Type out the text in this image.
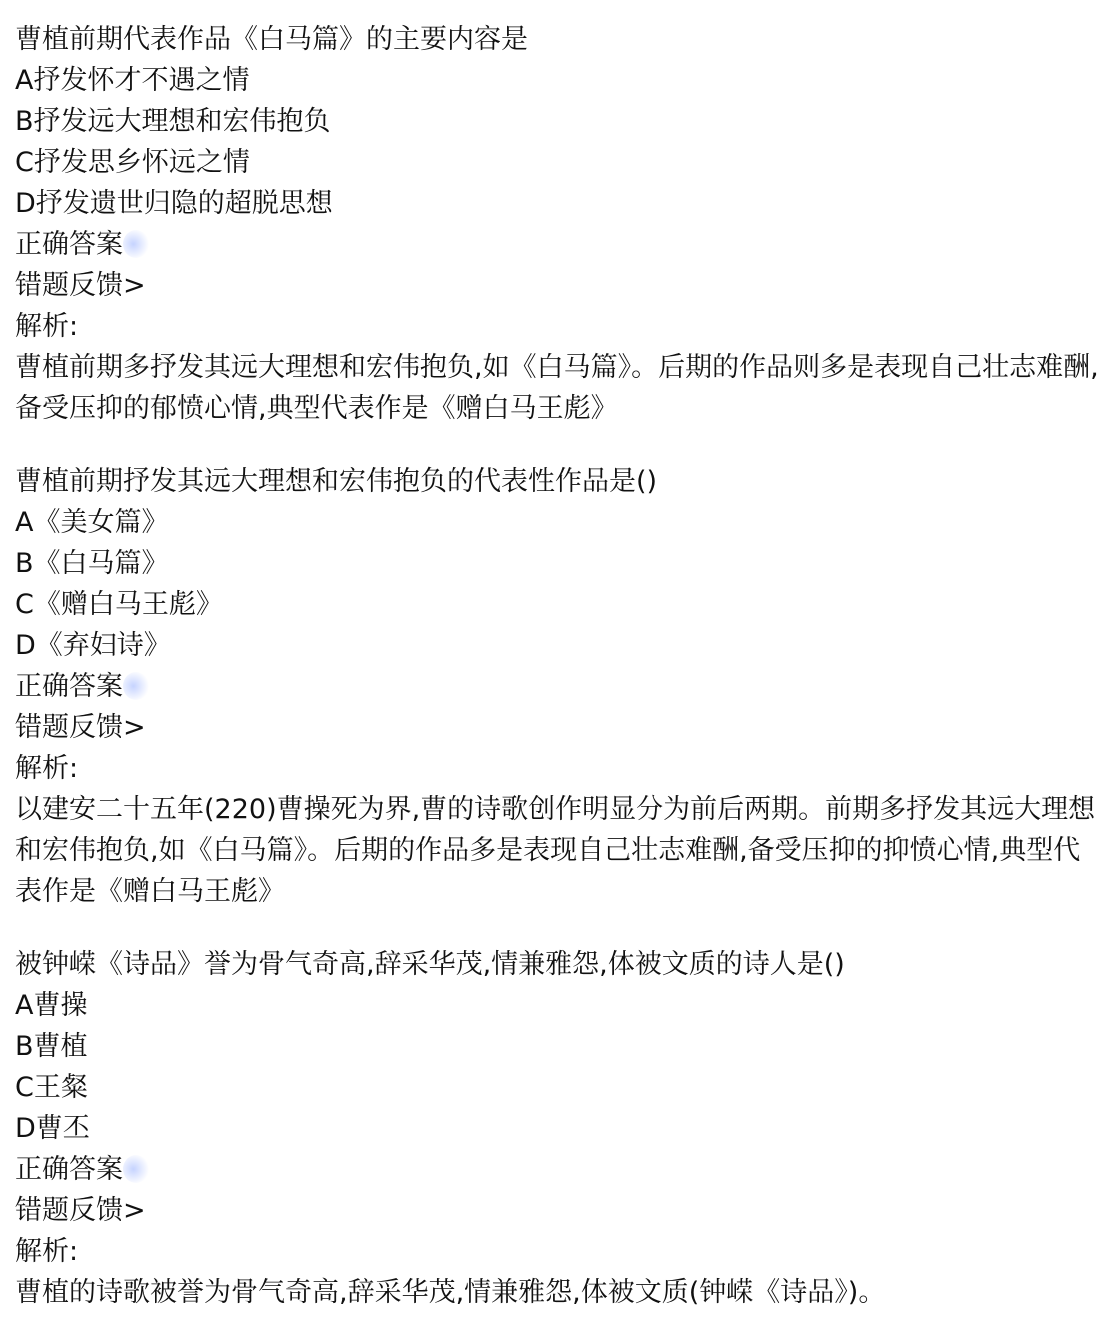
曹植前期代表作品《白马篇》的主要内容是
A抒发怀才不遇之情
B抒发远大理想和宏伟抱负
C抒发思乡怀远之情
D抒发遗世归隐的超脱思想
正确答案
错题反馈>
解析:
曹植前期多抒发其远大理想和宏伟抱负,如《白马篇》。后期的作品则多是表现自己壮志难酬,备受压抑的郁愤心情,典型代表作是《赠白马王彪》
曹植前期抒发其远大理想和宏伟抱负的代表性作品是()
A《美女篇》
B《白马篇》
C《赠白马王彪》
D《弃妇诗》
正确答案
错题反馈>
解析:
以建安二十五年(220)曹操死为界,曹的诗歌创作明显分为前后两期。前期多抒发其远大理想和宏伟抱负,如《白马篇》。后期的作品多是表现自己壮志难酬,备受压抑的抑愤心情,典型代表作是《赠白马王彪》
被钟嵘《诗品》誉为骨气奇高,辞采华茂,情兼雅怨,体被文质的诗人是()
A曹操
B曹植
C王粲
D曹丕
正确答案
错题反馈>
解析:
曹植的诗歌被誉为骨气奇高,辞采华茂,情兼雅怨,体被文质(钟嵘《诗品》)。
